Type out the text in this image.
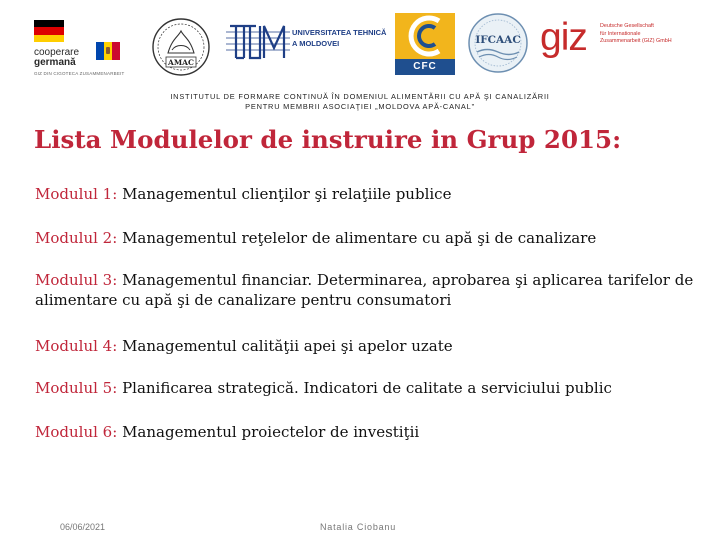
cooperare
germană
GIZ DIN CIGOTECA ZUSAMMENARBEIT
AMAC
UNIVERSITATEA TEHNICĂ
A MOLDOVEI
CFC
IFCAAC giz Deutsche Gesellschaft
für Internationale
Zusammenarbeit (GIZ) GmbH
INSTITUTUL DE FORMARE CONTINUĂ ÎN DOMENIUL ALIMENTĂRII CU APĂ ŞI CANALIZĂRII
PENTRU MEMBRII ASOCIAŢIEI „MOLDOVA APĂ-CANAL”
Lista Modulelor de instruire in Grup 2015:
Modulul 1: Managementul clienţilor şi relaţiile publice
Modulul 2: Managementul reţelelor de alimentare cu apă şi de canalizare
Modulul 3: Managementul financiar. Determinarea, aprobarea şi aplicarea tarifelor de alimentare cu apă şi de canalizare pentru consumatori
Modulul 4: Managementul calităţii apei şi apelor uzate
Modulul 5: Planificarea strategică. Indicatori de calitate a serviciului public
Modulul 6: Managementul proiectelor de investiţii
06/06/2021	Natalia Ciobanu
